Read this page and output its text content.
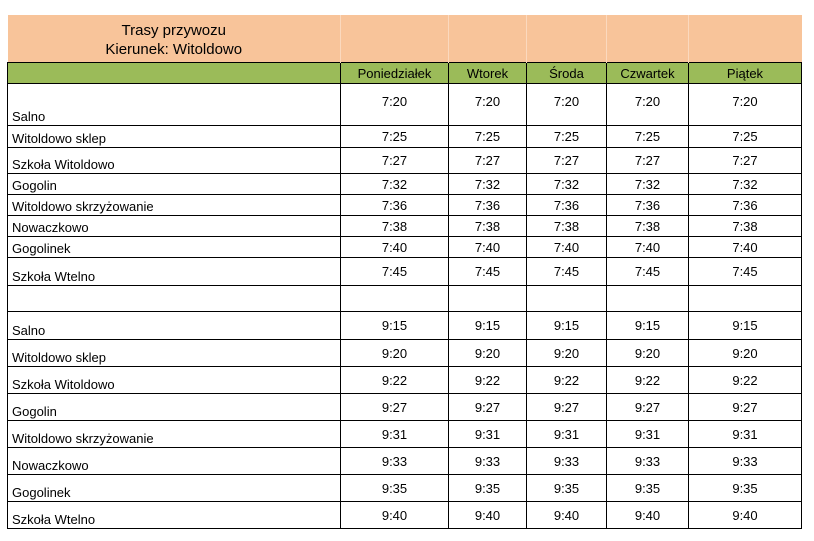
Trasy przywozu
Kierunek: Witoldowo					

	Poniedziałek	Wtorek	Środa	Czwartek	Piątek
Salno	7:20	7:20	7:20	7:20	7:20
Witoldowo sklep	7:25	7:25	7:25	7:25	7:25
Szkoła Witoldowo	7:27	7:27	7:27	7:27	7:27
Gogolin	7:32	7:32	7:32	7:32	7:32
Witoldowo skrzyżowanie	7:36	7:36	7:36	7:36	7:36
Nowaczkowo	7:38	7:38	7:38	7:38	7:38
Gogolinek	7:40	7:40	7:40	7:40	7:40
Szkoła Wtelno	7:45	7:45	7:45	7:45	7:45

Salno	9:15	9:15	9:15	9:15	9:15
Witoldowo sklep	9:20	9:20	9:20	9:20	9:20
Szkoła Witoldowo	9:22	9:22	9:22	9:22	9:22
Gogolin	9:27	9:27	9:27	9:27	9:27
Witoldowo skrzyżowanie	9:31	9:31	9:31	9:31	9:31
Nowaczkowo	9:33	9:33	9:33	9:33	9:33
Gogolinek	9:35	9:35	9:35	9:35	9:35
Szkoła Wtelno	9:40	9:40	9:40	9:40	9:40
